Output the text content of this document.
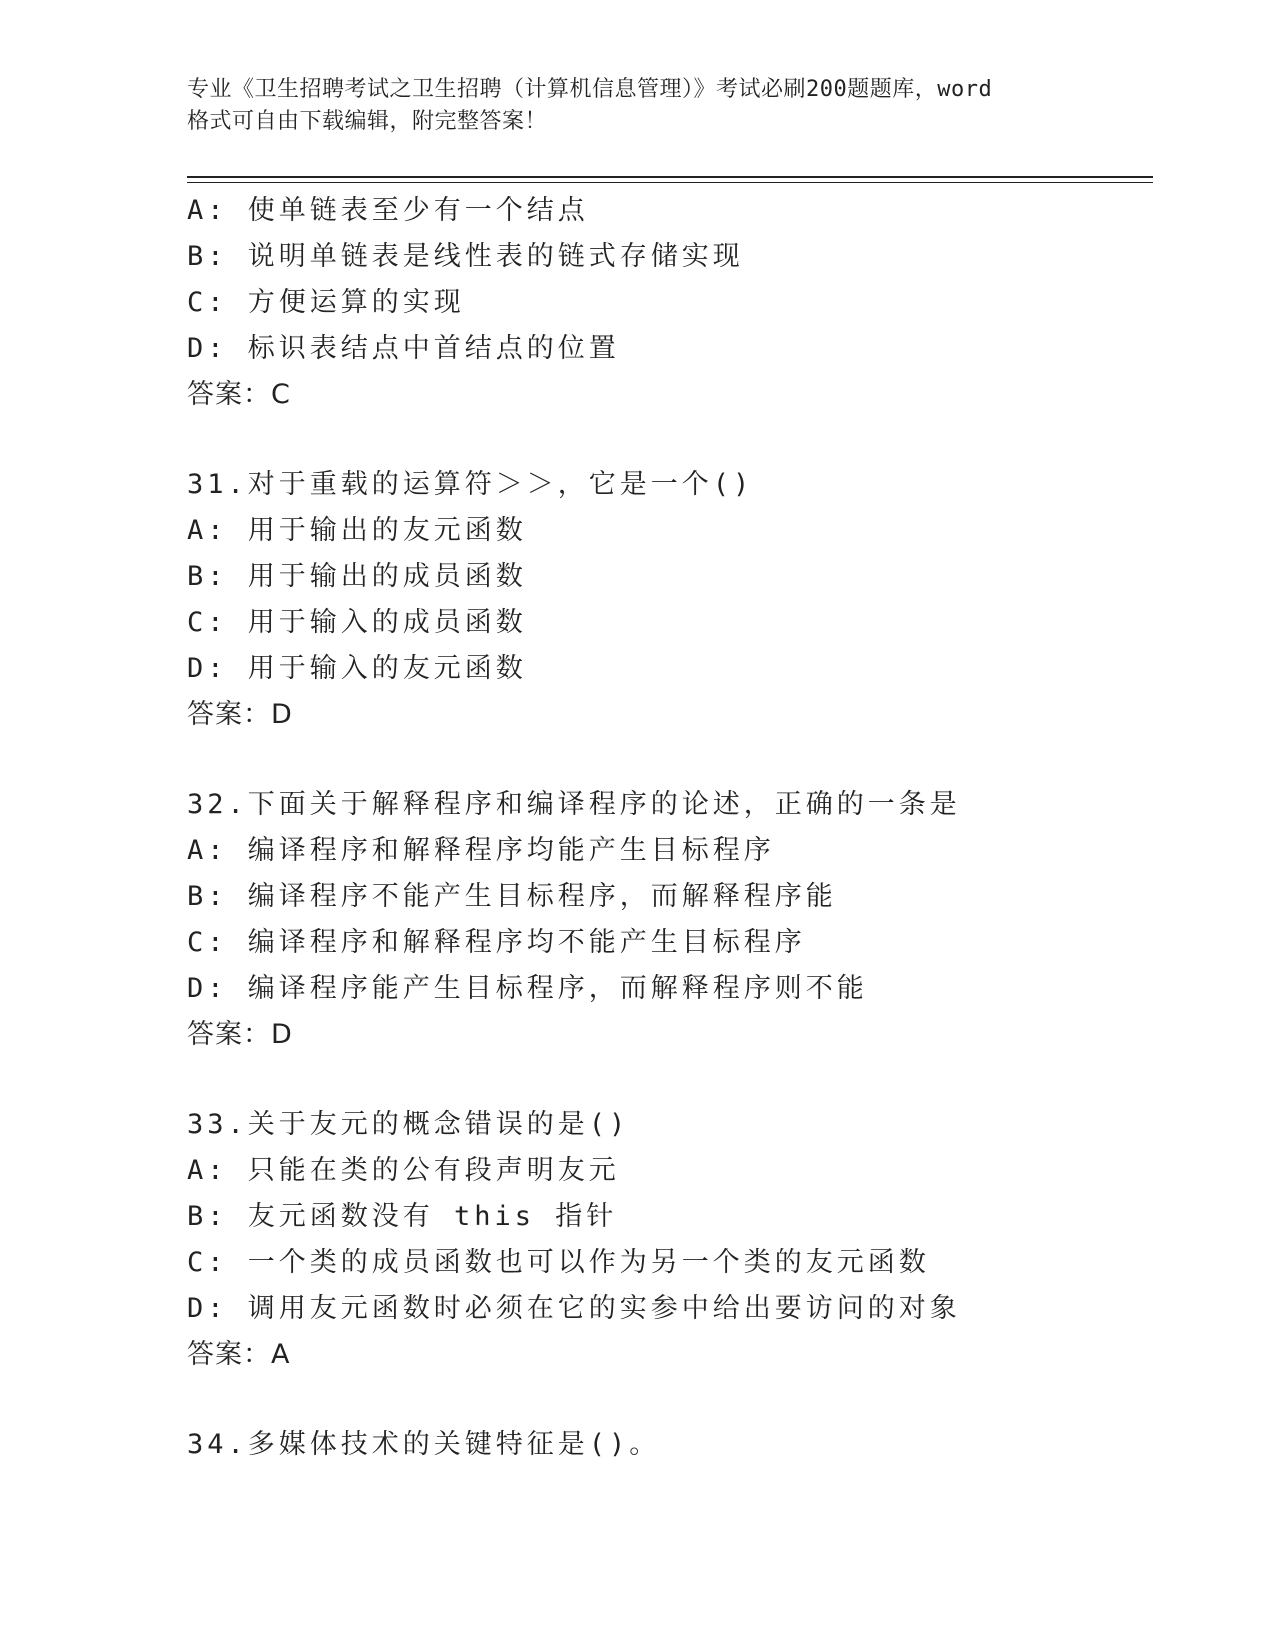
专业《卫生招聘考试之卫生招聘（计算机信息管理）》考试必刷200题题库，word
格式可自由下载编辑，附完整答案！
A: 使单链表至少有一个结点
B: 说明单链表是线性表的链式存储实现
C: 方便运算的实现
D: 标识表结点中首结点的位置
答案：C
31.对于重载的运算符＞＞，它是一个()
A: 用于输出的友元函数
B: 用于输出的成员函数
C: 用于输入的成员函数
D: 用于输入的友元函数
答案：D
32.下面关于解释程序和编译程序的论述，正确的一条是
A: 编译程序和解释程序均能产生目标程序
B: 编译程序不能产生目标程序，而解释程序能
C: 编译程序和解释程序均不能产生目标程序
D: 编译程序能产生目标程序，而解释程序则不能
答案：D
33.关于友元的概念错误的是()
A: 只能在类的公有段声明友元
B: 友元函数没有 this 指针
C: 一个类的成员函数也可以作为另一个类的友元函数
D: 调用友元函数时必须在它的实参中给出要访问的对象
答案：A
34.多媒体技术的关键特征是()。
